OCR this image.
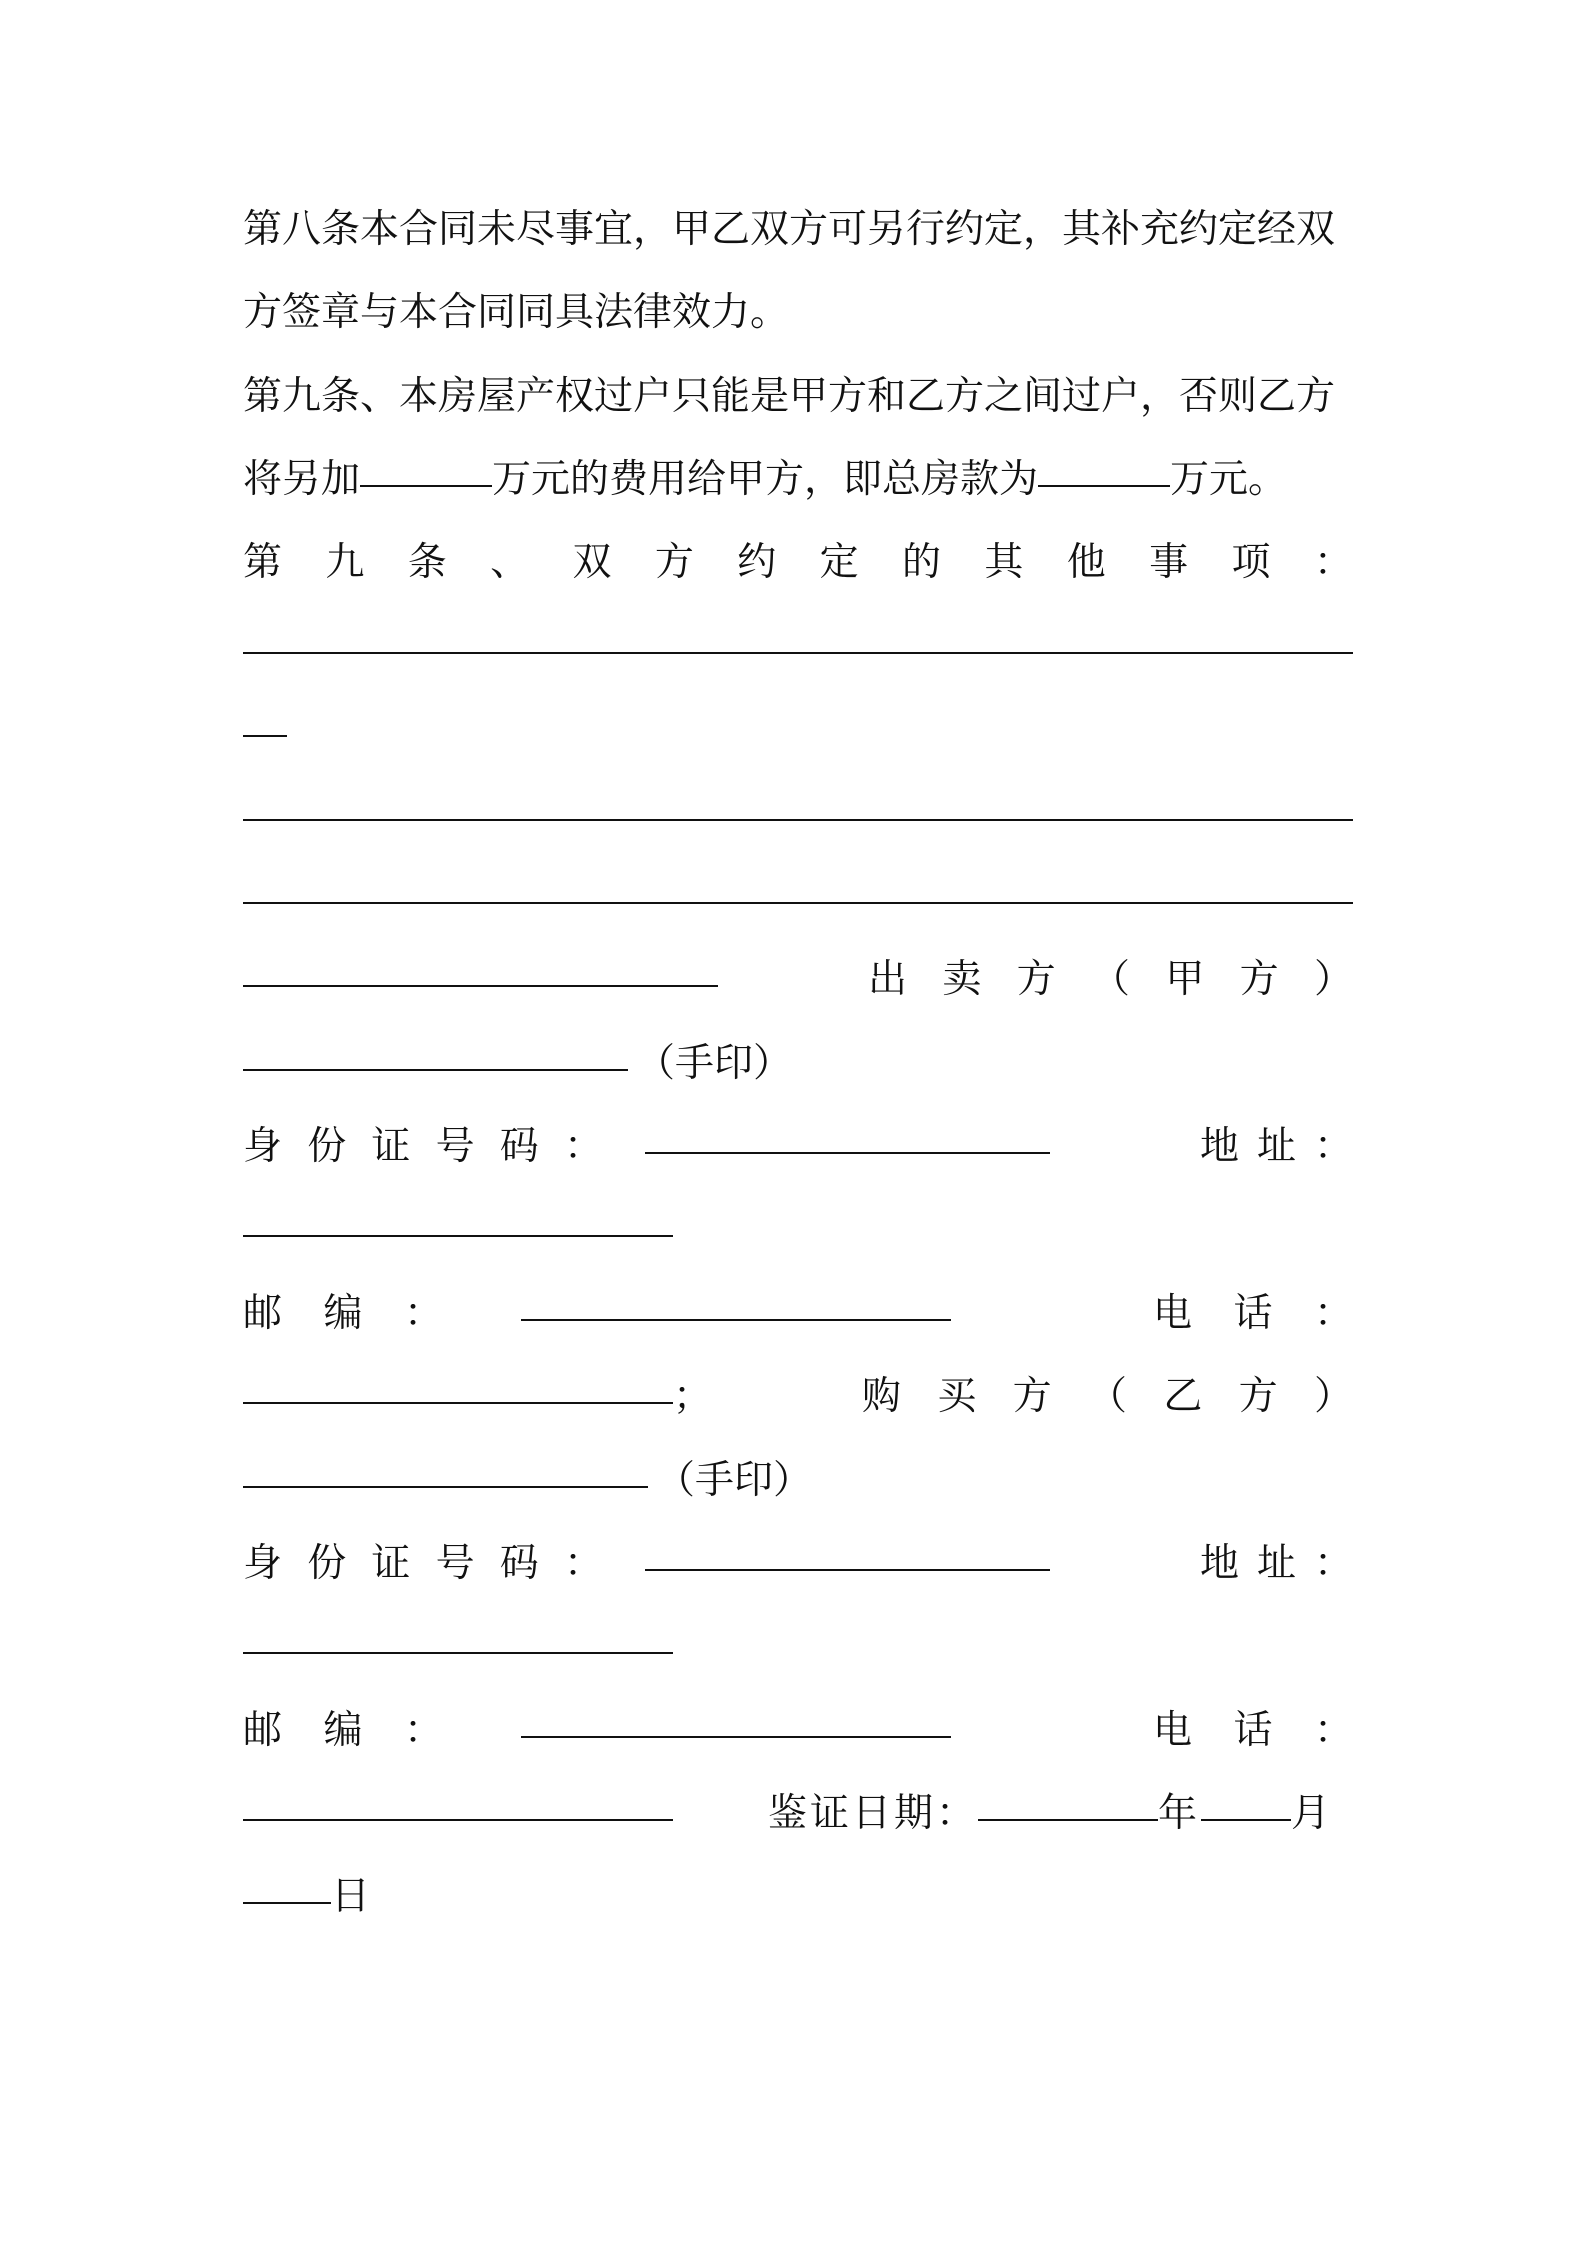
第八条本合同未尽事宜，甲乙双方可另行约定，其补充约定经双
方签章与本合同同具法律效力。
第九条、本房屋产权过户只能是甲方和乙方之间过户，否则乙方
将另加	万元的费用给甲方，即总房款为	万元。
第 九 条 、 双 方 约 定 的 其 他 事 项 ：
出 卖 方 （ 甲 方 ）
（手印）
身 份 证 号 码 ：	地 址 ：
邮 编 ：	电 话 ：
；	购 买 方 （ 乙 方 ）
（手印）
身 份 证 号 码 ：	地 址 ：
邮 编 ：	电 话 ：
鉴证日期：	年 月
日
